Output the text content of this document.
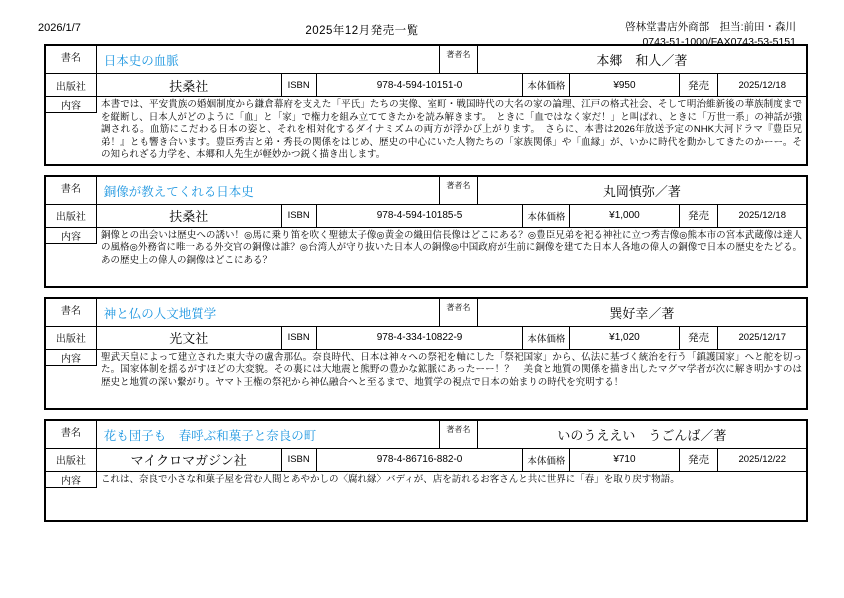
2026/1/7	2025年12月発売一覧	啓林堂書店外商部　担当:前田・森川
0743-51-1000/FAX0743-53-5151
書名	日本史の血脈	著者名	本郷　和人／著
出版社	扶桑社	ISBN	978-4-594-10151-0	本体価格	¥950	発売	2025/12/18
内容	本書では、平安貴族の婚姻制度から鎌倉幕府を支えた「平氏」たちの実像、室町・戦国時代の大名の家の論理、江戸の格式社会、そして明治維新後の華族制度までを縦断し、日本人がどのように「血」と「家」で権力を組み立ててきたかを読み解きます。　ときに「血ではなく家だ！」と叫ばれ、ときに「万世一系」の神話が強調される。血筋にこだわる日本の姿と、それを相対化するダイナミズムの両方が浮かび上がります。　さらに、本書は2026年放送予定のNHK大河ドラマ『豊臣兄弟！』とも響き合います。豊臣秀吉と弟・秀長の関係をはじめ、歴史の中心にいた人物たちの「家族関係」や「血縁」が、いかに時代を動かしてきたのかーー。その知られざる力学を、本郷和人先生が軽妙かつ鋭く描き出します。
書名	銅像が教えてくれる日本史	著者名	丸岡慎弥／著
出版社	扶桑社	ISBN	978-4-594-10185-5	本体価格	¥1,000	発売	2025/12/18
内容	銅像との出会いは歴史への誘い！◎馬に乗り笛を吹く聖徳太子像◎黄金の織田信長像はどこにある？◎豊臣兄弟を祀る神社に立つ秀吉像◎熊本市の宮本武蔵像は達人の風格◎外務省に唯一ある外交官の銅像は誰？◎台湾人が守り抜いた日本人の銅像◎中国政府が生前に銅像を建てた日本人各地の偉人の銅像で日本の歴史をたどる。あの歴史上の偉人の銅像はどこにある？
書名	神と仏の人文地質学	著者名	巽好幸／著
出版社	光文社	ISBN	978-4-334-10822-9	本体価格	¥1,020	発売	2025/12/17
内容	聖武天皇によって建立された東大寺の盧舎那仏。奈良時代、日本は神々への祭祀を軸にした「祭祀国家」から、仏法に基づく統治を行う「鎮護国家」へと舵を切った。国家体制を揺るがすほどの大変貌。その裏には大地震と熊野の豊かな鉱脈にあったーー！？　美食と地質の関係を描き出したマグマ学者が次に解き明かすのは歴史と地質の深い繋がり。ヤマト王権の祭祀から神仏融合へと至るまで、地質学の視点で日本の始まりの時代を究明する！
書名	花も団子も　春呼ぶ和菓子と奈良の町	著者名	いのうええい　うごんば／著
出版社	マイクロマガジン社	ISBN	978-4-86716-882-0	本体価格	¥710	発売	2025/12/22
内容	これは、奈良で小さな和菓子屋を営む人間とあやかしの〈腐れ縁〉バディが、店を訪れるお客さんと共に世界に「春」を取り戻す物語。
